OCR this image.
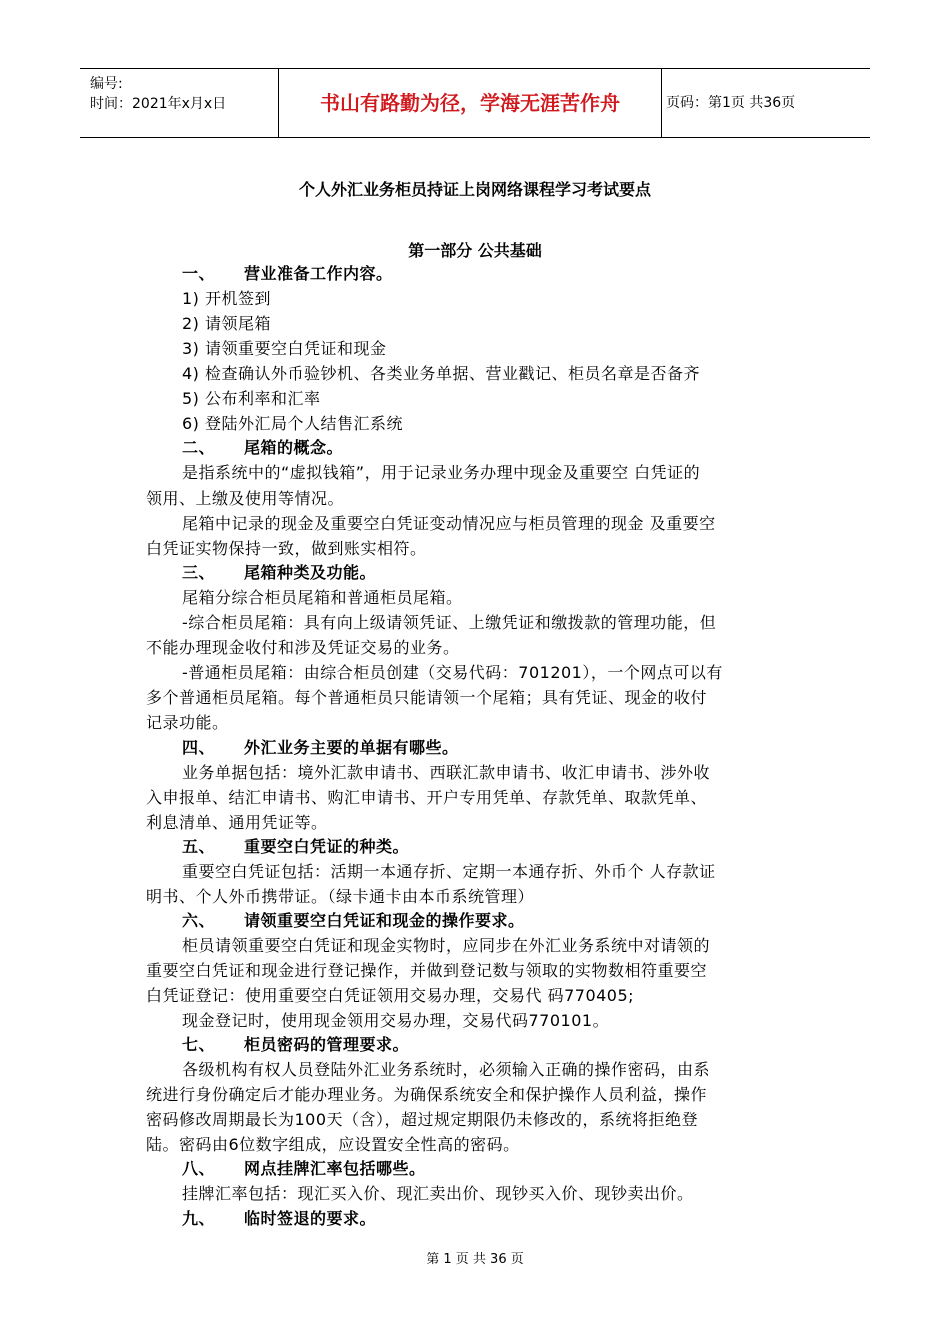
编号:
时间：2021年x月x日	书山有路勤为径，学海无涯苦作舟	页码：第1页 共36页
个人外汇业务柜员持证上岗网络课程学习考试要点
第一部分 公共基础
一、 营业准备工作内容。
1) 开机签到
2) 请领尾箱
3) 请领重要空白凭证和现金
4) 检查确认外币验钞机、各类业务单据、营业戳记、柜员名章是否备齐
5) 公布利率和汇率
6) 登陆外汇局个人结售汇系统
二、 尾箱的概念。
是指系统中的“虚拟钱箱”，用于记录业务办理中现金及重要空 白凭证的
领用、上缴及使用等情况。
尾箱中记录的现金及重要空白凭证变动情况应与柜员管理的现金 及重要空
白凭证实物保持一致，做到账实相符。
三、 尾箱种类及功能。
尾箱分综合柜员尾箱和普通柜员尾箱。
-综合柜员尾箱：具有向上级请领凭证、上缴凭证和缴拨款的管理功能，但
不能办理现金收付和涉及凭证交易的业务。
-普通柜员尾箱：由综合柜员创建（交易代码：701201），一个网点可以有
多个普通柜员尾箱。每个普通柜员只能请领一个尾箱；具有凭证、现金的收付
记录功能。
四、 外汇业务主要的单据有哪些。
业务单据包括：境外汇款申请书、西联汇款申请书、收汇申请书、涉外收
入申报单、结汇申请书、购汇申请书、开户专用凭单、存款凭单、取款凭单、
利息清单、通用凭证等。
五、 重要空白凭证的种类。
重要空白凭证包括：活期一本通存折、定期一本通存折、外币个 人存款证
明书、个人外币携带证。（绿卡通卡由本币系统管理）
六、 请领重要空白凭证和现金的操作要求。
柜员请领重要空白凭证和现金实物时，应同步在外汇业务系统中对请领的
重要空白凭证和现金进行登记操作，并做到登记数与领取的实物数相符重要空
白凭证登记：使用重要空白凭证领用交易办理，交易代 码770405;
现金登记时，使用现金领用交易办理，交易代码770101。
七、 柜员密码的管理要求。
各级机构有权人员登陆外汇业务系统时，必须输入正确的操作密码，由系
统进行身份确定后才能办理业务。为确保系统安全和保护操作人员利益，操作
密码修改周期最长为100天（含），超过规定期限仍未修改的，系统将拒绝登
陆。密码由6位数字组成，应设置安全性高的密码。
八、 网点挂牌汇率包括哪些。
挂牌汇率包括：现汇买入价、现汇卖出价、现钞买入价、现钞卖出价。
九、 临时签退的要求。
第 1 页 共 36 页
